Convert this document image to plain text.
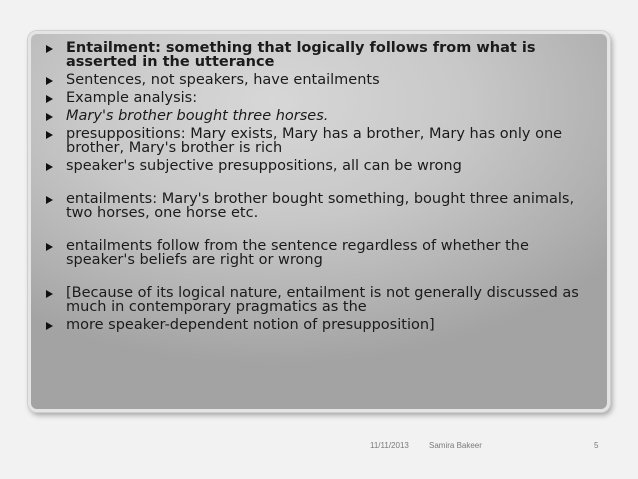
Entailment: something that logically follows from what is asserted in the utterance
Sentences, not speakers, have entailments
Example analysis:
Mary's brother bought three horses.
presuppositions: Mary exists, Mary has a brother, Mary has only one brother, Mary's brother is rich
speaker's subjective presuppositions, all can be wrong
entailments: Mary's brother bought something, bought three animals, two horses, one horse etc.
entailments follow from the sentence regardless of whether the speaker's beliefs are right or wrong
[Because of its logical nature, entailment is not generally discussed as much in contemporary pragmatics as the
more speaker-dependent notion of presupposition]
11/11/2013	Samira Bakeer	5
